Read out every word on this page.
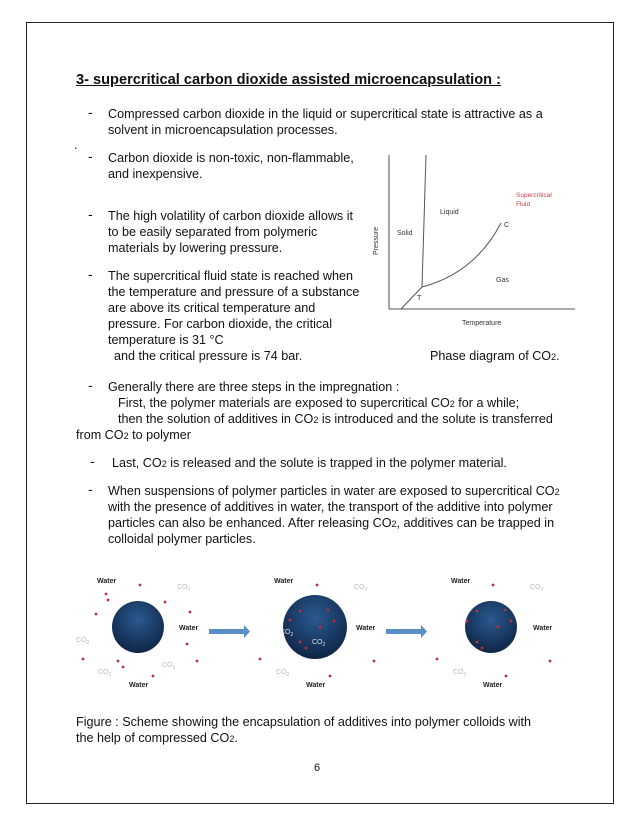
3- supercritical carbon dioxide assisted microencapsulation :
- Compressed carbon dioxide in the liquid or supercritical state is attractive as a
solvent in microencapsulation processes.
.
- Carbon dioxide is non-toxic, non-flammable,
and inexpensive.
- The high volatility of carbon dioxide allows it
to be easily separated from polymeric
materials by lowering pressure.
- The supercritical fluid state is reached when
the temperature and pressure of a substance
are above its critical temperature and
pressure. For carbon dioxide, the critical
temperature is 31 °C
and the critical pressure is 74 bar.
Pressure
Temperature
Solid
Liquid
Gas
Supercritical
Fluid
T
C
Phase diagram of CO2.
- Generally there are three steps in the impregnation :
First, the polymer materials are exposed to supercritical CO2 for a while;
then the solution of additives in CO2 is introduced and the solute is transferred
from CO2 to polymer
- Last, CO2 is released and the solute is trapped in the polymer material.
- When suspensions of polymer particles in water are exposed to supercritical CO2
with the presence of additives in water, the transport of the additive into polymer
particles can also be enhanced. After releasing CO2, additives can be trapped in
colloidal polymer particles.
Water
Water
Water
Water
Water
Water
Water
Water
Water
$CO_2$
$CO_2$
$CO_2$
$CO_2$
$CO_2$
$CO_2$
$CO_2$
$CO_2$
$CO_2$
$CO_2$
Figure : Scheme showing the encapsulation of additives into polymer colloids with
the help of compressed CO2.
6
